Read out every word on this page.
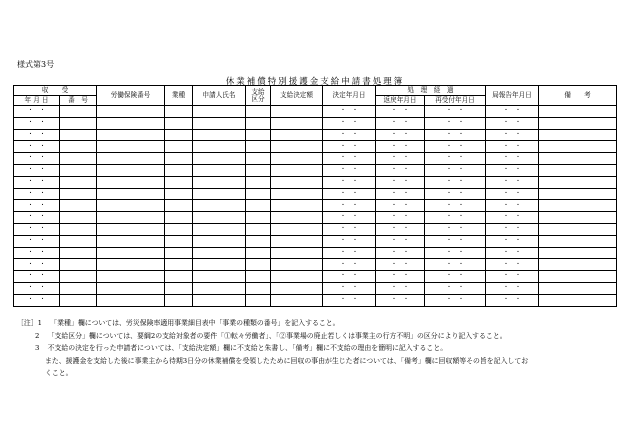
様式第3号
休業補償特別援護金支給申請書処理簿
収　　受		労働保険番号	業種	申請人氏名	支給区分	支給決定額	決定年月日	処　理　経　過		局報告年月日	備　　考
年 月 日	番　号							返戻年月日	再受付年月日		
・　・							・　・	・　・	・　・	・　・	
・　・							・　・	・　・	・　・	・　・	
・　・							・　・	・　・	・　・	・　・	
・　・							・　・	・　・	・　・	・　・	
・　・							・　・	・　・	・　・	・　・	
・　・							・　・	・　・	・　・	・　・	
・　・							・　・	・　・	・　・	・　・	
・　・							・　・	・　・	・　・	・　・	
・　・							・　・	・　・	・　・	・　・	
・　・							・　・	・　・	・　・	・　・	
・　・							・　・	・　・	・　・	・　・	
・　・							・　・	・　・	・　・	・　・	
・　・							・　・	・　・	・　・	・　・	
・　・							・　・	・　・	・　・	・　・	
・　・							・　・	・　・	・　・	・　・	
・　・							・　・	・　・	・　・	・　・	
・　・							・　・	・　・	・　・	・　・	
［注］1 「業種」欄については、労災保険率適用事業細目表中「事業の種類の番号」を記入すること。
2 「支給区分」欄については、要綱2の支給対象者の要件「①転々労働者」、「②事業場の廃止若しくは事業主の行方不明」の区分により記入すること。
3 不支給の決定を行った申請者については、「支給決定額」欄に不支給と朱書し、「備考」欄に不支給の理由を簡明に記入すること。
また、援護金を支給した後に事業主から待期3日分の休業補償を受領したために回収の事由が生じた者については、「備考」欄に回収額等その旨を記入してお
くこと。
